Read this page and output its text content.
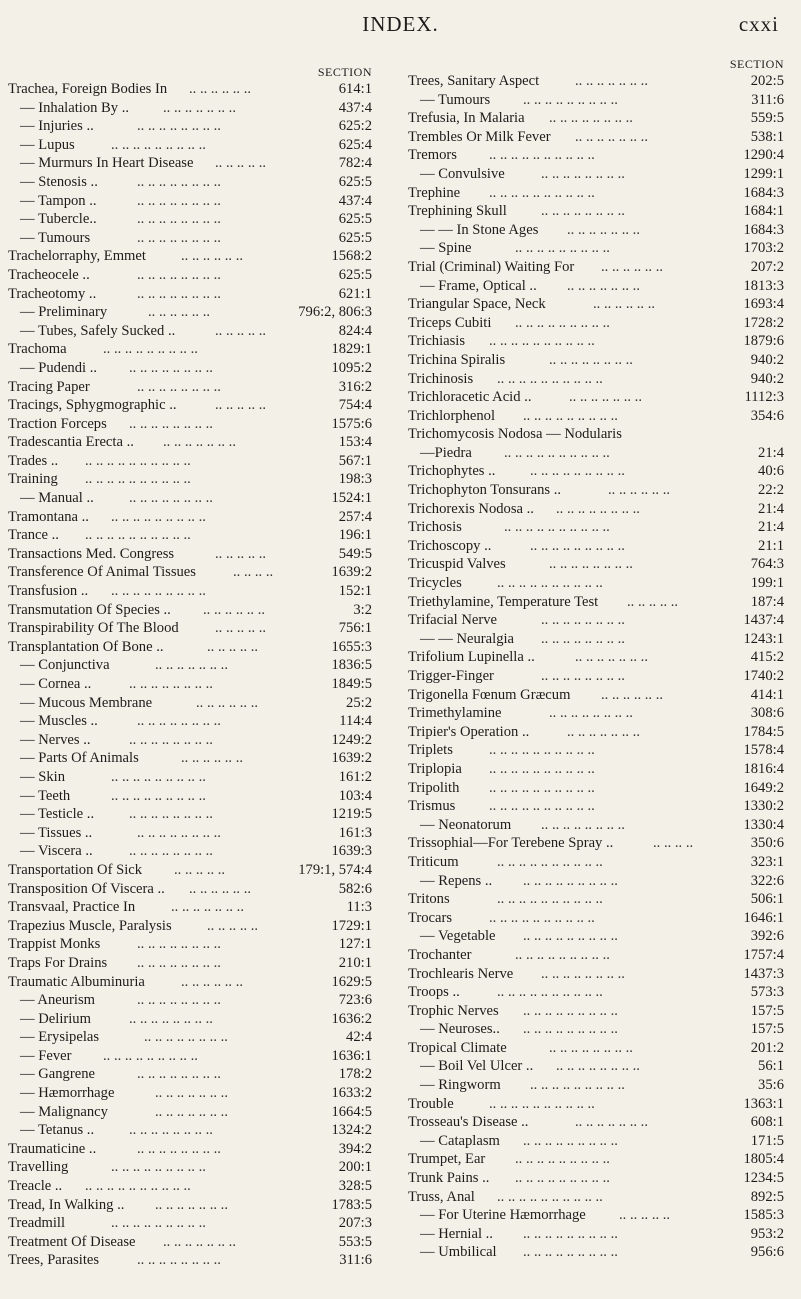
INDEX.	cxxi
SECTION
Trachea, Foreign Bodies In .. .. .. .. .. ..	614:1
— Inhalation By .. .. .. .. .. .. .. ..	437:4
— Injuries ..	.. .. .. .. .. .. .. ..	625:2
— Lupus .. .. .. .. .. .. .. .. ..	625:4
— Murmurs In Heart Disease .. .. .. .. ..	782:4
— Stenosis ..	.. .. .. .. .. .. .. ..	625:5
— Tampon ..	.. .. .. .. .. .. .. ..	437:4
— Tubercle..	.. .. .. .. .. .. .. ..	625:5
— Tumours	.. .. .. .. .. .. .. ..	625:5
Trachelorraphy, Emmet .. .. .. .. .. ..	1568:2
Tracheocele ..	.. .. .. .. .. .. .. ..	625:5
Tracheotomy ..	.. .. .. .. .. .. .. ..	621:1
— Preliminary	.. .. .. .. .. ..	796:2, 806:3
— Tubes, Safely Sucked ..	.. .. .. .. ..	824:4
Trachoma .. .. .. .. .. .. .. .. ..	1829:1
— Pudendi .. .. .. .. .. .. .. .. ..	1095:2
Tracing Paper	.. .. .. .. .. .. .. ..	316:2
Tracings, Sphygmographic ..	.. .. .. .. ..	754:4
Traction Forceps .. .. .. .. .. .. .. ..	1575:6
Tradescantia Erecta .. .. .. .. .. .. .. ..	153:4
Trades .. .. .. .. .. .. .. .. .. .. ..	567:1
Training .. .. .. .. .. .. .. .. .. ..	198:3
— Manual .. .. .. .. .. .. .. .. ..	1524:1
Tramontana .. .. .. .. .. .. .. .. .. ..	257:4
Trance .. .. .. .. .. .. .. .. .. .. ..	196:1
Transactions Med. Congress	.. .. .. .. ..	549:5
Transference Of Animal Tissues	.. .. .. ..	1639:2
Transfusion .. .. .. .. .. .. .. .. .. ..	152:1
Transmutation Of Species .. .. .. .. .. .. ..	3:2
Transpirability Of The Blood .. .. .. .. ..	756:1
Transplantation Of Bone ..	.. .. .. .. ..	1655:3
— Conjunctiva	.. .. .. .. .. .. ..	1836:5
— Cornea ..	.. .. .. .. .. .. .. ..	1849:5
— Mucous Membrane	.. .. .. .. .. ..	25:2
— Muscles ..	.. .. .. .. .. .. .. ..	114:4
— Nerves ..	.. .. .. .. .. .. .. ..	1249:2
— Parts Of Animals	.. .. .. .. .. ..	1639:2
— Skin	.. .. .. .. .. .. .. .. ..	161:2
— Teeth	.. .. .. .. .. .. .. .. ..	103:4
— Testicle .. .. .. .. .. .. .. .. ..	1219:5
— Tissues ..	.. .. .. .. .. .. .. ..	161:3
— Viscera .. .. .. .. .. .. .. .. ..	1639:3
Transportation Of Sick .. .. .. .. ..	179:1, 574:4
Transposition Of Viscera .. .. .. .. .. .. ..	582:6
Transvaal, Practice In .. .. .. .. .. .. ..	11:3
Trapezius Muscle, Paralysis .. .. .. .. ..	1729:1
Trappist Monks	.. .. .. .. .. .. .. ..	127:1
Traps For Drains .. .. .. .. .. .. .. ..	210:1
Traumatic Albuminuria .. .. .. .. .. ..	1629:5
— Aneurism	.. .. .. .. .. .. .. ..	723:6
— Delirium	.. .. .. .. .. .. .. ..	1636:2
— Erysipelas	.. .. .. .. .. .. .. ..	42:4
— Fever .. .. .. .. .. .. .. .. ..	1636:1
— Gangrene	.. .. .. .. .. .. .. ..	178:2
— Hæmorrhage	.. .. .. .. .. .. ..	1633:2
— Malignancy	.. .. .. .. .. .. ..	1664:5
— Tetanus .. .. .. .. .. .. .. .. ..	1324:2
Traumaticine ..	.. .. .. .. .. .. .. ..	394:2
Travelling	.. .. .. .. .. .. .. .. ..	200:1
Treacle .. .. .. .. .. .. .. .. .. .. ..	328:5
Tread, In Walking .. .. .. .. .. .. .. ..	1783:5
Treadmill	.. .. .. .. .. .. .. .. ..	207:3
Treatment Of Disease .. .. .. .. .. .. ..	553:5
Trees, Parasites	.. .. .. .. .. .. .. ..	311:6
SECTION
Trees, Sanitary Aspect .. .. .. .. .. .. ..	202:5
— Tumours .. .. .. .. .. .. .. .. ..	311:6
Trefusia, In Malaria .. .. .. .. .. .. .. ..	559:5
Trembles Or Milk Fever .. .. .. .. .. .. ..	538:1
Tremors .. .. .. .. .. .. .. .. .. ..	1290:4
— Convulsive .. .. .. .. .. .. .. ..	1299:1
Trephine .. .. .. .. .. .. .. .. .. ..	1684:3
Trephining Skull .. .. .. .. .. .. .. ..	1684:1
— — In Stone Ages .. .. .. .. .. .. ..	1684:3
— Spine	.. .. .. .. .. .. .. .. ..	1703:2
Trial (Criminal) Waiting For .. .. .. .. .. ..	207:2
— Frame, Optical .. .. .. .. .. .. .. ..	1813:3
Triangular Space, Neck	.. .. .. .. .. ..	1693:4
Triceps Cubiti .. .. .. .. .. .. .. .. ..	1728:2
Trichiasis .. .. .. .. .. .. .. .. .. ..	1879:6
Trichina Spiralis	.. .. .. .. .. .. .. ..	940:2
Trichinosis .. .. .. .. .. .. .. .. .. ..	940:2
Trichloracetic Acid ..	.. .. .. .. .. .. ..	1112:3
Trichlorphenol .. .. .. .. .. .. .. .. ..	354:6
Trichomycosis Nodosa — Nodularis
—Piedra .. .. .. .. .. .. .. .. .. ..	21:4
Trichophytes .. .. .. .. .. .. .. .. .. ..	40:6
Trichophyton Tonsurans ..	.. .. .. .. .. ..	22:2
Trichorexis Nodosa .. .. .. .. .. .. .. .. ..	21:4
Trichosis	.. .. .. .. .. .. .. .. .. ..	21:4
Trichoscopy ..	.. .. .. .. .. .. .. .. ..	21:1
Tricuspid Valves	.. .. .. .. .. .. .. ..	764:3
Tricycles .. .. .. .. .. .. .. .. .. ..	199:1
Triethylamine, Temperature Test .. .. .. .. ..	187:4
Trifacial Nerve	.. .. .. .. .. .. .. ..	1437:4
— — Neuralgia .. .. .. .. .. .. .. ..	1243:1
Trifolium Lupinella ..	.. .. .. .. .. .. ..	415:2
Trigger-Finger	.. .. .. .. .. .. .. ..	1740:2
Trigonella Fœnum Græcum .. .. .. .. .. ..	414:1
Trimethylamine	.. .. .. .. .. .. .. ..	308:6
Tripier's Operation ..	.. .. .. .. .. .. ..	1784:5
Triplets .. .. .. .. .. .. .. .. .. ..	1578:4
Triplopia .. .. .. .. .. .. .. .. .. ..	1816:4
Tripolith .. .. .. .. .. .. .. .. .. ..	1649:2
Trismus .. .. .. .. .. .. .. .. .. ..	1330:2
— Neonatorum .. .. .. .. .. .. .. ..	1330:4
Trissophial—For Terebene Spray ..	.. .. .. ..	350:6
Triticum	.. .. .. .. .. .. .. .. .. ..	323:1
— Repens .. .. .. .. .. .. .. .. .. ..	322:6
Tritons	.. .. .. .. .. .. .. .. .. ..	506:1
Trocars	.. .. .. .. .. .. .. .. .. ..	1646:1
— Vegetable .. .. .. .. .. .. .. .. ..	392:6
Trochanter	.. .. .. .. .. .. .. .. ..	1757:4
Trochlearis Nerve .. .. .. .. .. .. .. ..	1437:3
Troops ..	.. .. .. .. .. .. .. .. .. ..	573:3
Trophic Nerves .. .. .. .. .. .. .. .. ..	157:5
— Neuroses.. .. .. .. .. .. .. .. .. ..	157:5
Tropical Climate	.. .. .. .. .. .. .. ..	201:2
— Boil Vel Ulcer .. .. .. .. .. .. .. .. ..	56:1
— Ringworm .. .. .. .. .. .. .. .. ..	35:6
Trouble .. .. .. .. .. .. .. .. .. ..	1363:1
Trosseau's Disease ..	.. .. .. .. .. .. ..	608:1
— Cataplasm .. .. .. .. .. .. .. .. ..	171:5
Trumpet, Ear .. .. .. .. .. .. .. .. ..	1805:4
Trunk Pains .. .. .. .. .. .. .. .. .. ..	1234:5
Truss, Anal .. .. .. .. .. .. .. .. .. ..	892:5
— For Uterine Hæmorrhage .. .. .. .. ..	1585:3
— Hernial .. .. .. .. .. .. .. .. .. ..	953:2
— Umbilical .. .. .. .. .. .. .. .. ..	956:6
